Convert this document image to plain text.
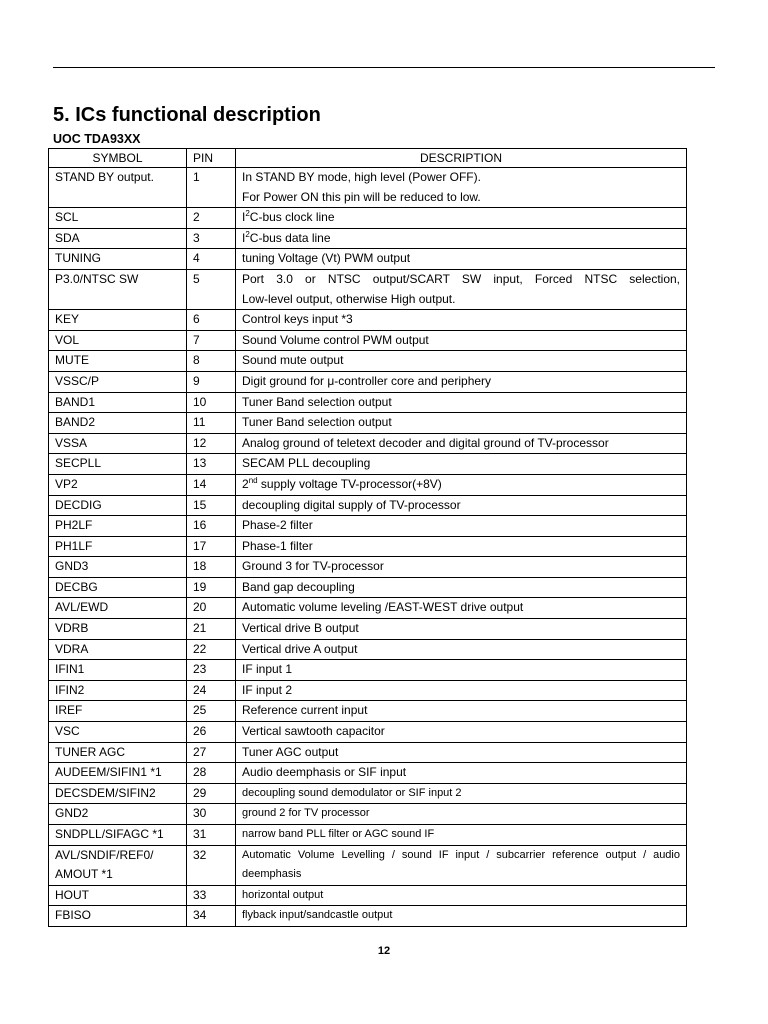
5. ICs functional description
UOC TDA93XX
SYMBOL	PIN	DESCRIPTION
STAND BY output.	1	In STAND BY mode, high level (Power OFF).
For Power ON this pin will be reduced to low.

SCL	2	$I^2C$-bus clock line

SDA	3	$I^2C$-bus data line

TUNING	4	tuning Voltage (Vt) PWM output

P3.0/NTSC SW	5	Port 3.0 or NTSC output/SCART SW input, Forced NTSC selection,
Low-level output, otherwise High output.

KEY	6	Control keys input *3

VOL	7	Sound Volume control PWM output

MUTE	8	Sound mute output

VSSC/P	9	Digit ground for μ-controller core and periphery

BAND1	10	Tuner Band selection output

BAND2	11	Tuner Band selection output

VSSA	12	Analog ground of teletext decoder and digital ground of TV-processor

SECPLL	13	SECAM PLL decoupling

VP2	14	2nd supply voltage TV-processor(+8V)

DECDIG	15	decoupling digital supply of TV-processor

PH2LF	16	Phase-2 filter

PH1LF	17	Phase-1 filter

GND3	18	Ground 3 for TV-processor

DECBG	19	Band gap decoupling

AVL/EWD	20	Automatic volume leveling /EAST-WEST drive output

VDRB	21	Vertical drive B output

VDRA	22	Vertical drive A output

IFIN1	23	IF input 1

IFIN2	24	IF input 2

IREF	25	Reference current input

VSC	26	Vertical sawtooth capacitor

TUNER AGC	27	Tuner AGC output

AUDEEM/SIFIN1 *1	28	Audio deemphasis or SIF input

DECSDEM/SIFIN2	29	decoupling sound demodulator or SIF input 2

GND2	30	ground 2 for TV processor

SNDPLL/SIFAGC *1	31	narrow band PLL filter or AGC sound IF

AVL/SNDIF/REF0/ AMOUT *1	32	Automatic Volume Levelling / sound IF input / subcarrier reference output / audio
deemphasis

HOUT	33	horizontal output

FBISO	34	flyback input/sandcastle output
12
